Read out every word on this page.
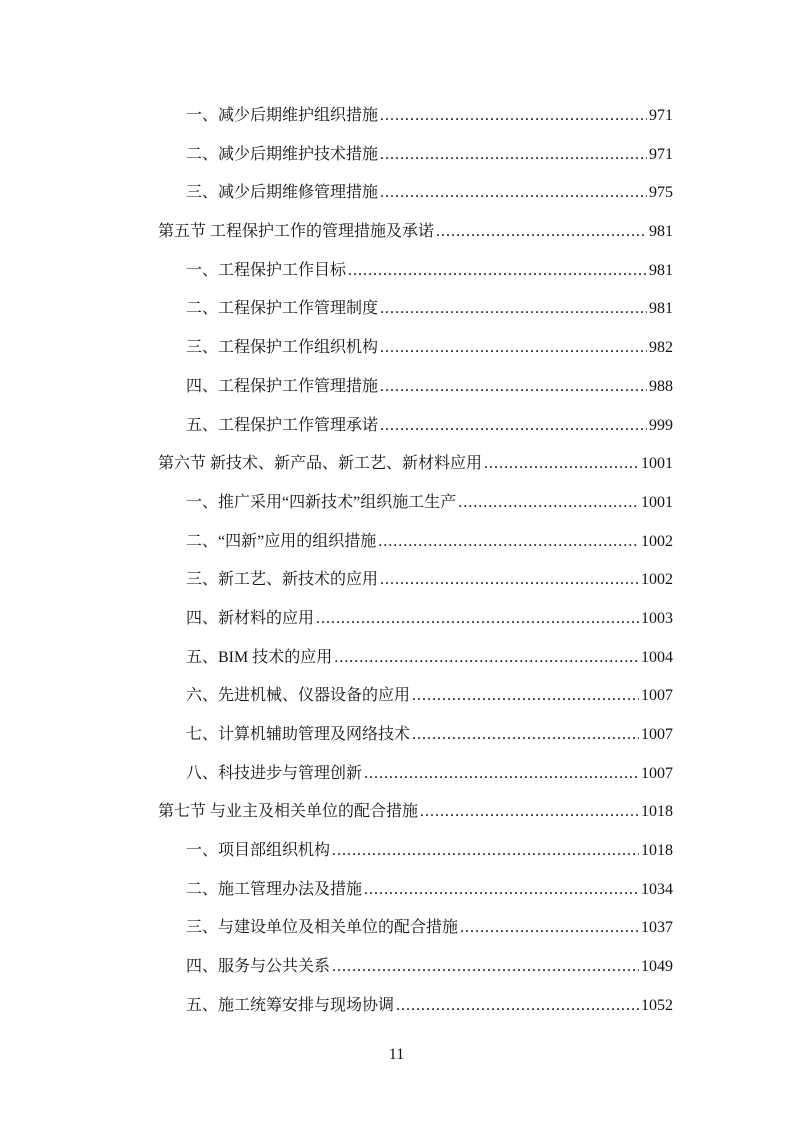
一、减少后期维护组织措施 .....	971
二、减少后期维护技术措施 .....	971
三、减少后期维修管理措施 .....	975
第五节 工程保护工作的管理措施及承诺 .....	981
一、工程保护工作目标 .....	981
二、工程保护工作管理制度 .....	981
三、工程保护工作组织机构 .....	982
四、工程保护工作管理措施 .....	988
五、工程保护工作管理承诺 .....	999
第六节 新技术、新产品、新工艺、新材料应用 .....	1001
一、推广采用“四新技术”组织施工生产 .....	1001
二、“四新”应用的组织措施 .....	1002
三、新工艺、新技术的应用 .....	1002
四、新材料的应用 .....	1003
五、BIM 技术的应用 .....	1004
六、先进机械、仪器设备的应用 .....	1007
七、计算机辅助管理及网络技术 .....	1007
八、科技进步与管理创新 .....	1007
第七节 与业主及相关单位的配合措施 .....	1018
一、项目部组织机构 .....	1018
二、施工管理办法及措施 .....	1034
三、与建设单位及相关单位的配合措施 .....	1037
四、服务与公共关系 .....	1049
五、施工统筹安排与现场协调 .....	1052
11
